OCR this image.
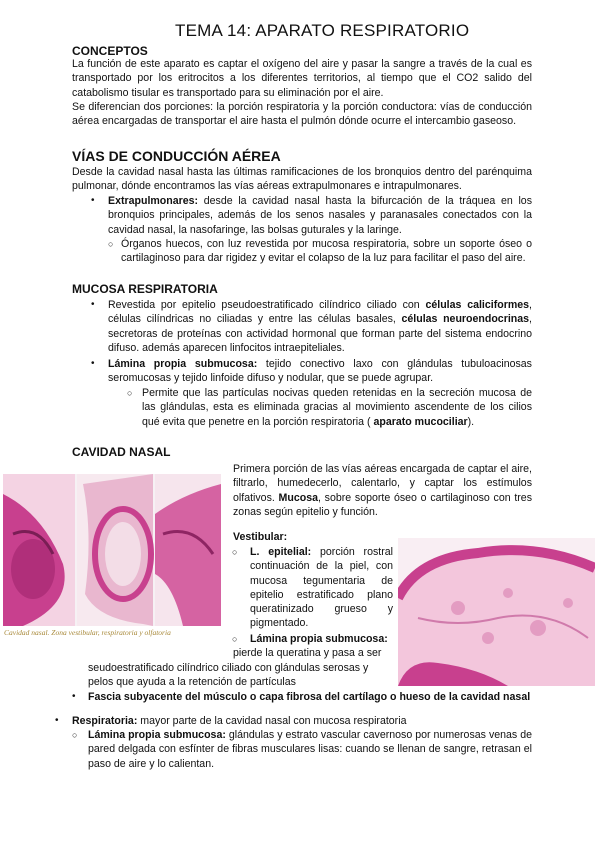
TEMA 14: APARATO RESPIRATORIO
CONCEPTOS

La función de este aparato es captar el oxígeno del aire y pasar la sangre a través de la cual es transportado por los eritrocitos a los diferentes territorios, al tiempo que el CO2 salido del catabolismo tisular es transportado para su eliminación por el aire.

Se diferencian dos porciones: la porción respiratoria y la porción conductora: vías de conducción aérea encargadas de transportar el aire hasta el pulmón dónde ocurre el intercambio gaseoso.

VÍAS DE CONDUCCIÓN AÉREA

Desde la cavidad nasal hasta las últimas ramificaciones de los bronquios dentro del parénquima pulmonar, dónde encontramos las vías aéreas extrapulmonares e intrapulmonares.

• Extrapulmonares: desde la cavidad nasal hasta la bifurcación de la tráquea en los bronquios principales, además de los senos nasales y paranasales conectados con la cavidad nasal, la nasofaringe, las bolsas guturales y la laringe.

○ Órganos huecos, con luz revestida por mucosa respiratoria, sobre un soporte óseo o cartilaginoso para dar rigidez y evitar el colapso de la luz para facilitar el paso del aire.

MUCOSA RESPIRATORIA
• Revestida por epitelio pseudoestratificado cilíndrico ciliado con células caliciformes, células cilíndricas no ciliadas y entre las células basales, células neuroendocrinas, secretoras de proteínas con actividad hormonal que forman parte del sistema endocrino difuso. además aparecen linfocitos intraepiteliales.

• Lámina propia submucosa: tejido conectivo laxo con glándulas tubuloacinosas seromucosas y tejido linfoide difuso y nodular, que se puede agrupar.

○ Permite que las partículas nocivas queden retenidas en la secreción mucosa de las glándulas, esta es eliminada gracias al movimiento ascendente de los cilios qué evita que penetre en la porción respiratoria ( aparato mucociliar).

CAVIDAD NASAL
Cavidad nasal. Zona vestibular, respiratoria y olfatoria

Primera porción de las vías aéreas encargada de captar el aire, filtrarlo, humedecerlo, calentarlo, y captar los estímulos olfativos. Mucosa, sobre soporte óseo o cartilaginoso con tres zonas según epitelio y función.

Vestibular:
○ L. epitelial: porción rostral continuación de la piel, con mucosa tegumentaria de epitelio estratificado plano queratinizado grueso y pigmentado.

○ Lámina propia submucosa:
pierde la queratina y pasa a ser
seudoestratificado cilíndrico ciliado con glándulas serosas y
pelos que ayuda a la retención de partículas
• Fascia subyacente del músculo o capa fibrosa del cartílago o hueso de la cavidad nasal
• Respiratoria: mayor parte de la cavidad nasal con mucosa respiratoria

○ Lámina propia submucosa: glándulas y estrato vascular cavernoso por numerosas venas de pared delgada con esfínter de fibras musculares lisas: cuando se llenan de sangre, retrasan el paso de aire y lo calientan.
